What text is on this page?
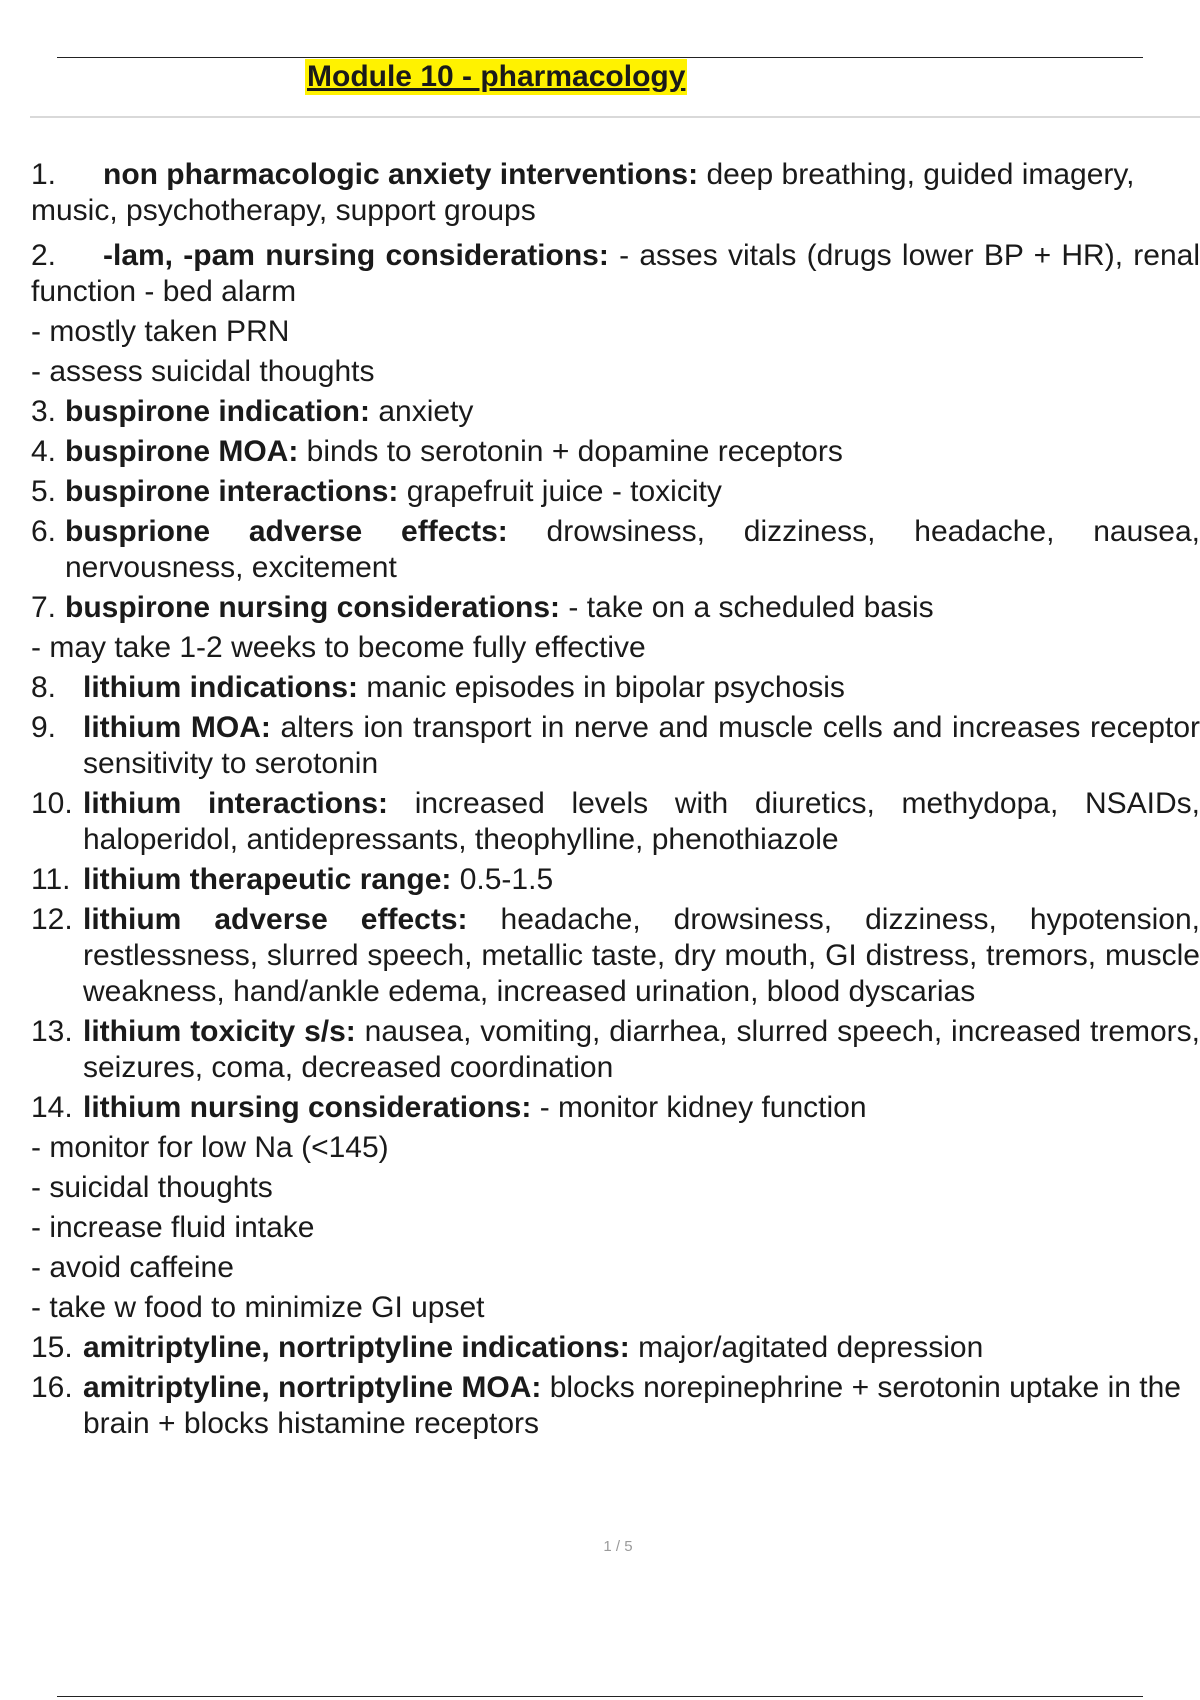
Module 10 - pharmacology

1. non pharmacologic anxiety interventions: deep breathing, guided imagery, music, psychotherapy, support groups

2. -lam, -pam nursing considerations: - asses vitals (drugs lower BP + HR), renal function - bed alarm

- mostly taken PRN

- assess suicidal thoughts

3. buspirone indication: anxiety

4. buspirone MOA: binds to serotonin + dopamine receptors

5. buspirone interactions: grapefruit juice - toxicity

6. busprione adverse effects: drowsiness, dizziness, headache, nausea, nervousness, excitement

7. buspirone nursing considerations: - take on a scheduled basis

- may take 1-2 weeks to become fully effective

8. lithium indications: manic episodes in bipolar psychosis

9. lithium MOA: alters ion transport in nerve and muscle cells and increases receptor sensitivity to serotonin

10. lithium interactions: increased levels with diuretics, methydopa, NSAIDs, haloperidol, antidepressants, theophylline, phenothiazole

11. lithium therapeutic range: 0.5-1.5

12. lithium adverse effects: headache, drowsiness, dizziness, hypotension, restlessness, slurred speech, metallic taste, dry mouth, GI distress, tremors, muscle weakness, hand/ankle edema, increased urination, blood dyscarias

13. lithium toxicity s/s: nausea, vomiting, diarrhea, slurred speech, increased tremors, seizures, coma, decreased coordination

14. lithium nursing considerations: - monitor kidney function

- monitor for low Na (<145)

- suicidal thoughts

- increase fluid intake

- avoid caffeine

- take w food to minimize GI upset

15. amitriptyline, nortriptyline indications: major/agitated depression

16. amitriptyline, nortriptyline MOA: blocks norepinephrine + serotonin uptake in the brain + blocks histamine receptors

1 / 5
